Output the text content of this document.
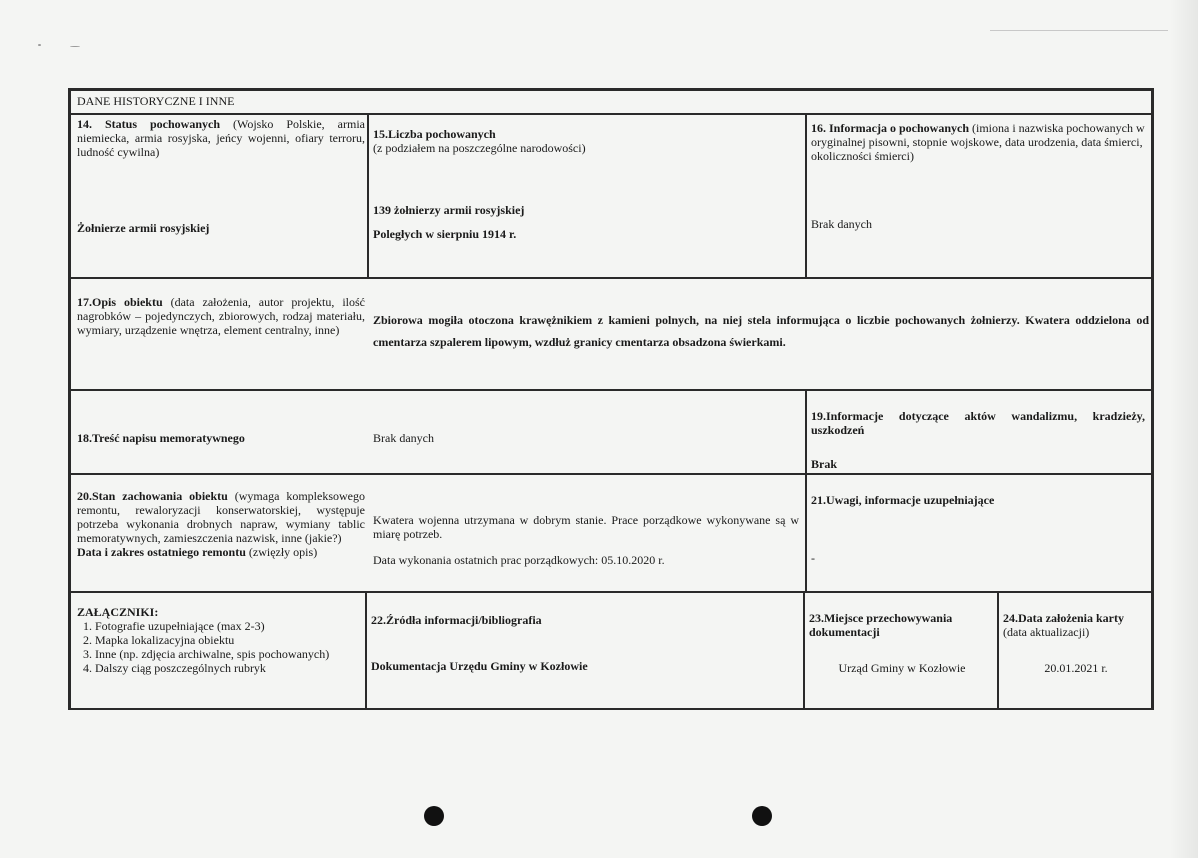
DANE HISTORYCZNE I INNE
14. Status pochowanych (Wojsko Polskie, armia niemiecka, armia rosyjska, jeńcy wojenni, ofiary terroru, ludność cywilna)
Żołnierze armii rosyjskiej
15.Liczba pochowanych
(z podziałem na poszczególne narodowości)
139 żołnierzy armii rosyjskiej
Poległych w sierpniu 1914 r.
16. Informacja o pochowanych (imiona i nazwiska pochowanych w oryginalnej pisowni, stopnie wojskowe, data urodzenia, data śmierci, okoliczności śmierci)
Brak danych
17.Opis obiektu (data założenia, autor projektu, ilość nagrobków – pojedynczych, zbiorowych, rodzaj materiału, wymiary, urządzenie wnętrza, element centralny, inne)
Zbiorowa mogiła otoczona krawężnikiem z kamieni polnych, na niej stela informująca o liczbie pochowanych żołnierzy. Kwatera oddzielona od cmentarza szpalerem lipowym, wzdłuż granicy cmentarza obsadzona świerkami.
18.Treść napisu memoratywnego	Brak danych
19.Informacje dotyczące aktów wandalizmu, kradzieży, uszkodzeń
Brak
20.Stan zachowania obiektu (wymaga kompleksowego remontu, rewaloryzacji konserwatorskiej, występuje potrzeba wykonania drobnych napraw, wymiany tablic memoratywnych, zamieszczenia nazwisk, inne (jakie?)
Data i zakres ostatniego remontu (zwięzły opis)
Kwatera wojenna utrzymana w dobrym stanie. Prace porządkowe wykonywane są w miarę potrzeb.
Data wykonania ostatnich prac porządkowych: 05.10.2020 r.
21.Uwagi, informacje uzupełniające
-
ZAŁĄCZNIKI:
1. Fotografie uzupełniające (max 2-3)
2. Mapka lokalizacyjna obiektu
3. Inne (np. zdjęcia archiwalne, spis pochowanych)
4. Dalszy ciąg poszczególnych rubryk
22.Źródła informacji/bibliografia
Dokumentacja Urzędu Gminy w Kozłowie
23.Miejsce przechowywania dokumentacji
Urząd Gminy w Kozłowie
24.Data założenia karty
(data aktualizacji)
20.01.2021 r.
